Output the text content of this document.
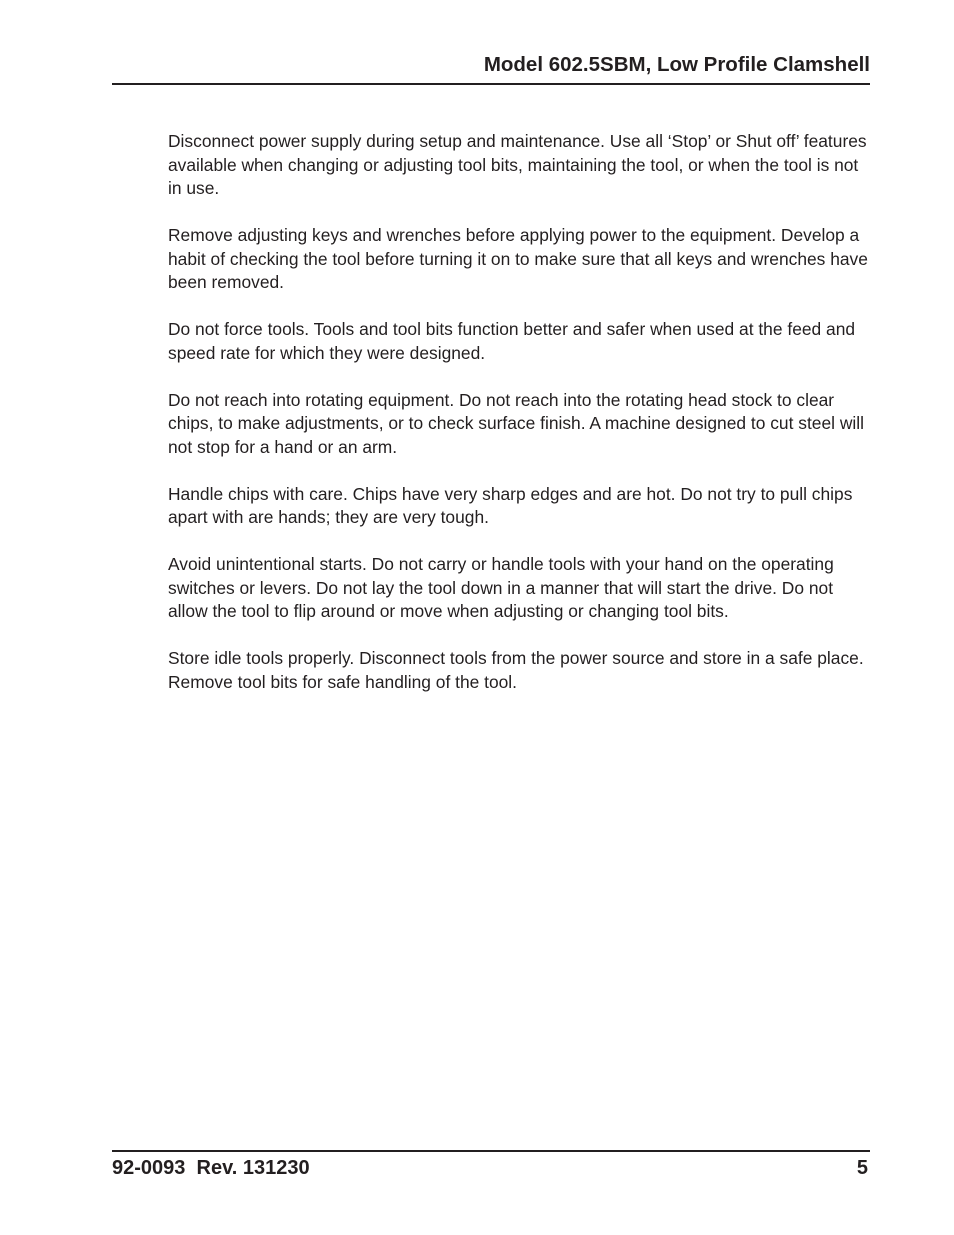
Model 602.5SBM, Low Profile Clamshell

Disconnect power supply during setup and maintenance. Use all ‘Stop’ or Shut off’ features available when changing or adjusting tool bits, maintaining the tool, or when the tool is not in use.

Remove adjusting keys and wrenches before applying power to the equipment. Develop a habit of checking the tool before turning it on to make sure that all keys and wrenches have been removed.

Do not force tools. Tools and tool bits function better and safer when used at the feed and speed rate for which they were designed.

Do not reach into rotating equipment. Do not reach into the rotating head stock to clear chips, to make adjustments, or to check surface finish. A machine designed to cut steel will not stop for a hand or an arm.

Handle chips with care. Chips have very sharp edges and are hot. Do not try to pull chips apart with are hands; they are very tough.

Avoid unintentional starts. Do not carry or handle tools with your hand on the operating switches or levers. Do not lay the tool down in a manner that will start the drive. Do not allow the tool to flip around or move when adjusting or changing tool bits.

Store idle tools properly. Disconnect tools from the power source and store in a safe place. Remove tool bits for safe handling of the tool.

92-0093  Rev. 131230	5
